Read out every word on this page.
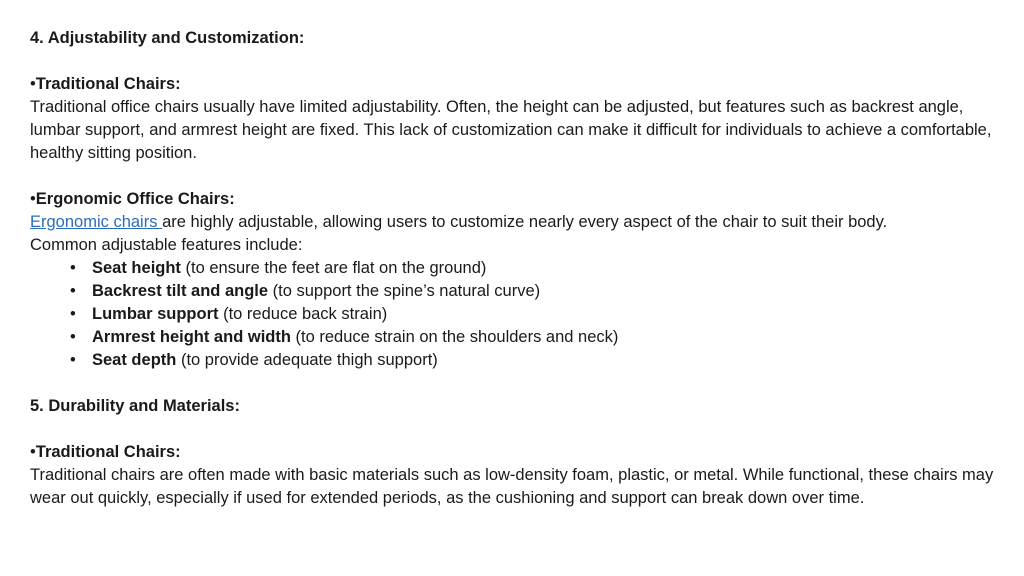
4. Adjustability and Customization:

•Traditional Chairs:

Traditional office chairs usually have limited adjustability. Often, the height can be adjusted, but features such as backrest angle, lumbar support, and armrest height are fixed. This lack of customization can make it difficult for individuals to achieve a comfortable, healthy sitting position.

•Ergonomic Office Chairs:

Ergonomic chairs are highly adjustable, allowing users to customize nearly every aspect of the chair to suit their body.

Common adjustable features include:

• Seat height (to ensure the feet are flat on the ground)
• Backrest tilt and angle (to support the spine’s natural curve)
• Lumbar support (to reduce back strain)
• Armrest height and width (to reduce strain on the shoulders and neck)
• Seat depth (to provide adequate thigh support)

5. Durability and Materials:

•Traditional Chairs:

Traditional chairs are often made with basic materials such as low-density foam, plastic, or metal. While functional, these chairs may wear out quickly, especially if used for extended periods, as the cushioning and support can break down over time.
